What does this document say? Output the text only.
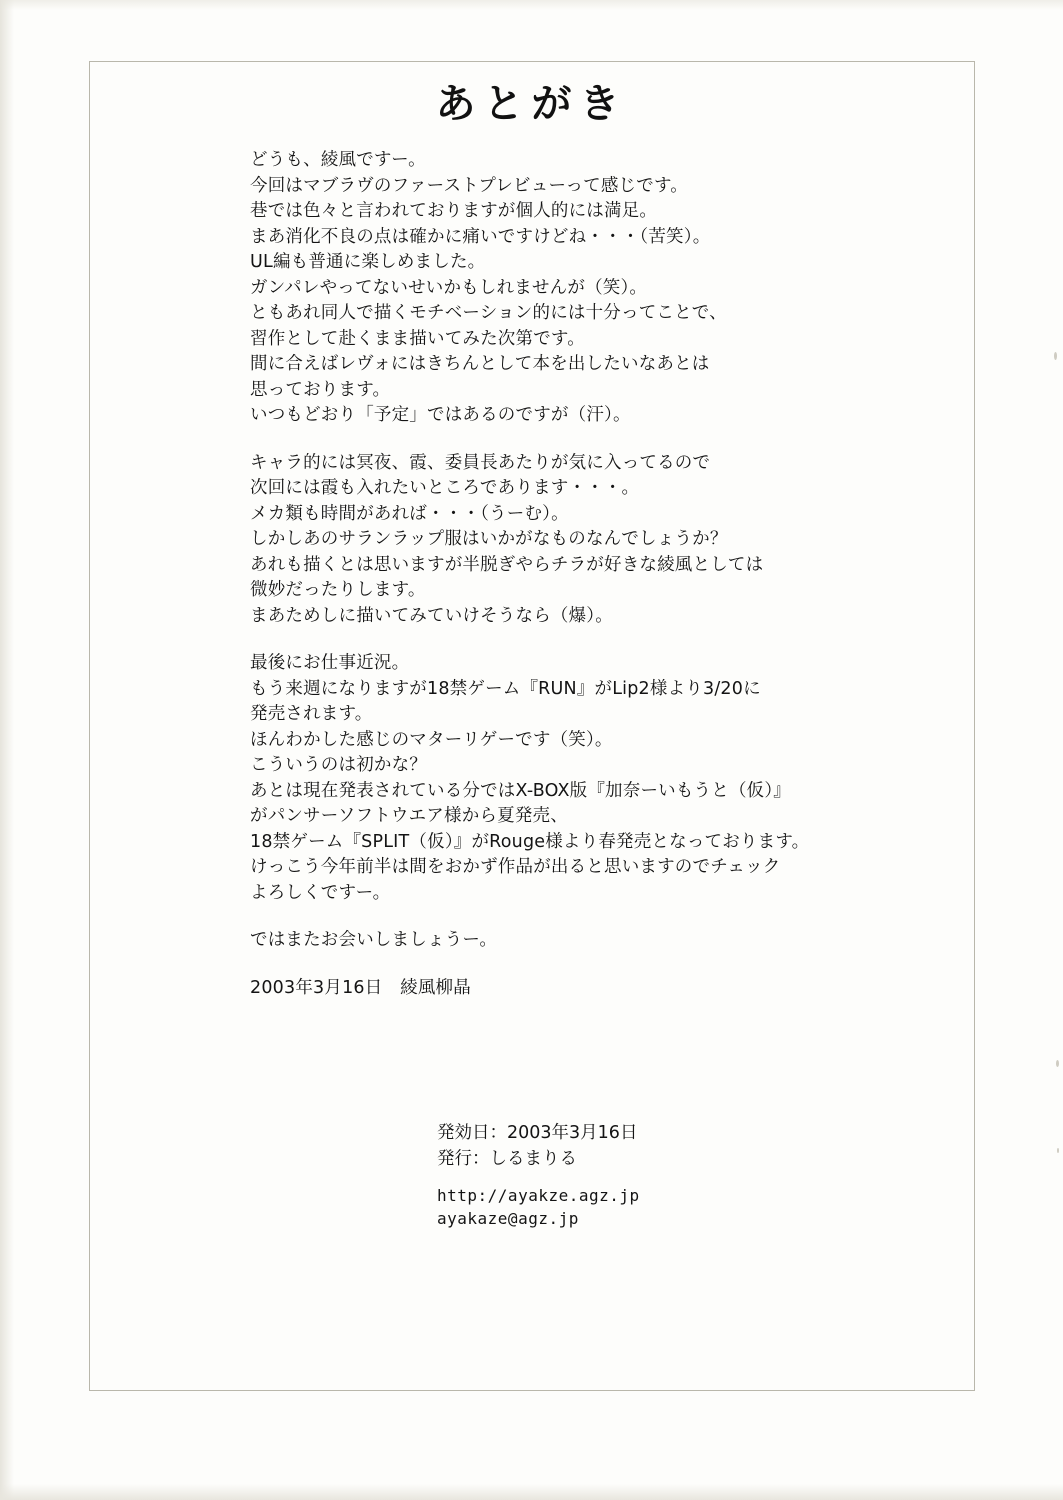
あとがき
どうも、綾風ですー。
今回はマブラヴのファーストプレビューって感じです。
巷では色々と言われておりますが個人的には満足。
まあ消化不良の点は確かに痛いですけどね・・・（苦笑）。
UL編も普通に楽しめました。
ガンパレやってないせいかもしれませんが（笑）。
ともあれ同人で描くモチベーション的には十分ってことで、
習作として赴くまま描いてみた次第です。
間に合えばレヴォにはきちんとして本を出したいなあとは
思っております。
いつもどおり「予定」ではあるのですが（汗）。
キャラ的には冥夜、霞、委員長あたりが気に入ってるので
次回には霞も入れたいところであります・・・。
メカ類も時間があれば・・・（うーむ）。
しかしあのサランラップ服はいかがなものなんでしょうか？
あれも描くとは思いますが半脱ぎやらチラが好きな綾風としては
微妙だったりします。
まあためしに描いてみていけそうなら（爆）。
最後にお仕事近況。
もう来週になりますが18禁ゲーム『RUN』がLip2様より3/20に
発売されます。
ほんわかした感じのマターリゲーです（笑）。
こういうのは初かな？
あとは現在発表されている分ではX-BOX版『加奈ーいもうと（仮）』
がパンサーソフトウエア様から夏発売、
18禁ゲーム『SPLIT（仮）』がRouge様より春発売となっております。
けっこう今年前半は間をおかず作品が出ると思いますのでチェック
よろしくですー。
ではまたお会いしましょうー。
2003年3月16日　綾風柳晶
発効日：2003年3月16日
発行：しるまりる
http://ayakze.agz.jp
ayakaze@agz.jp
